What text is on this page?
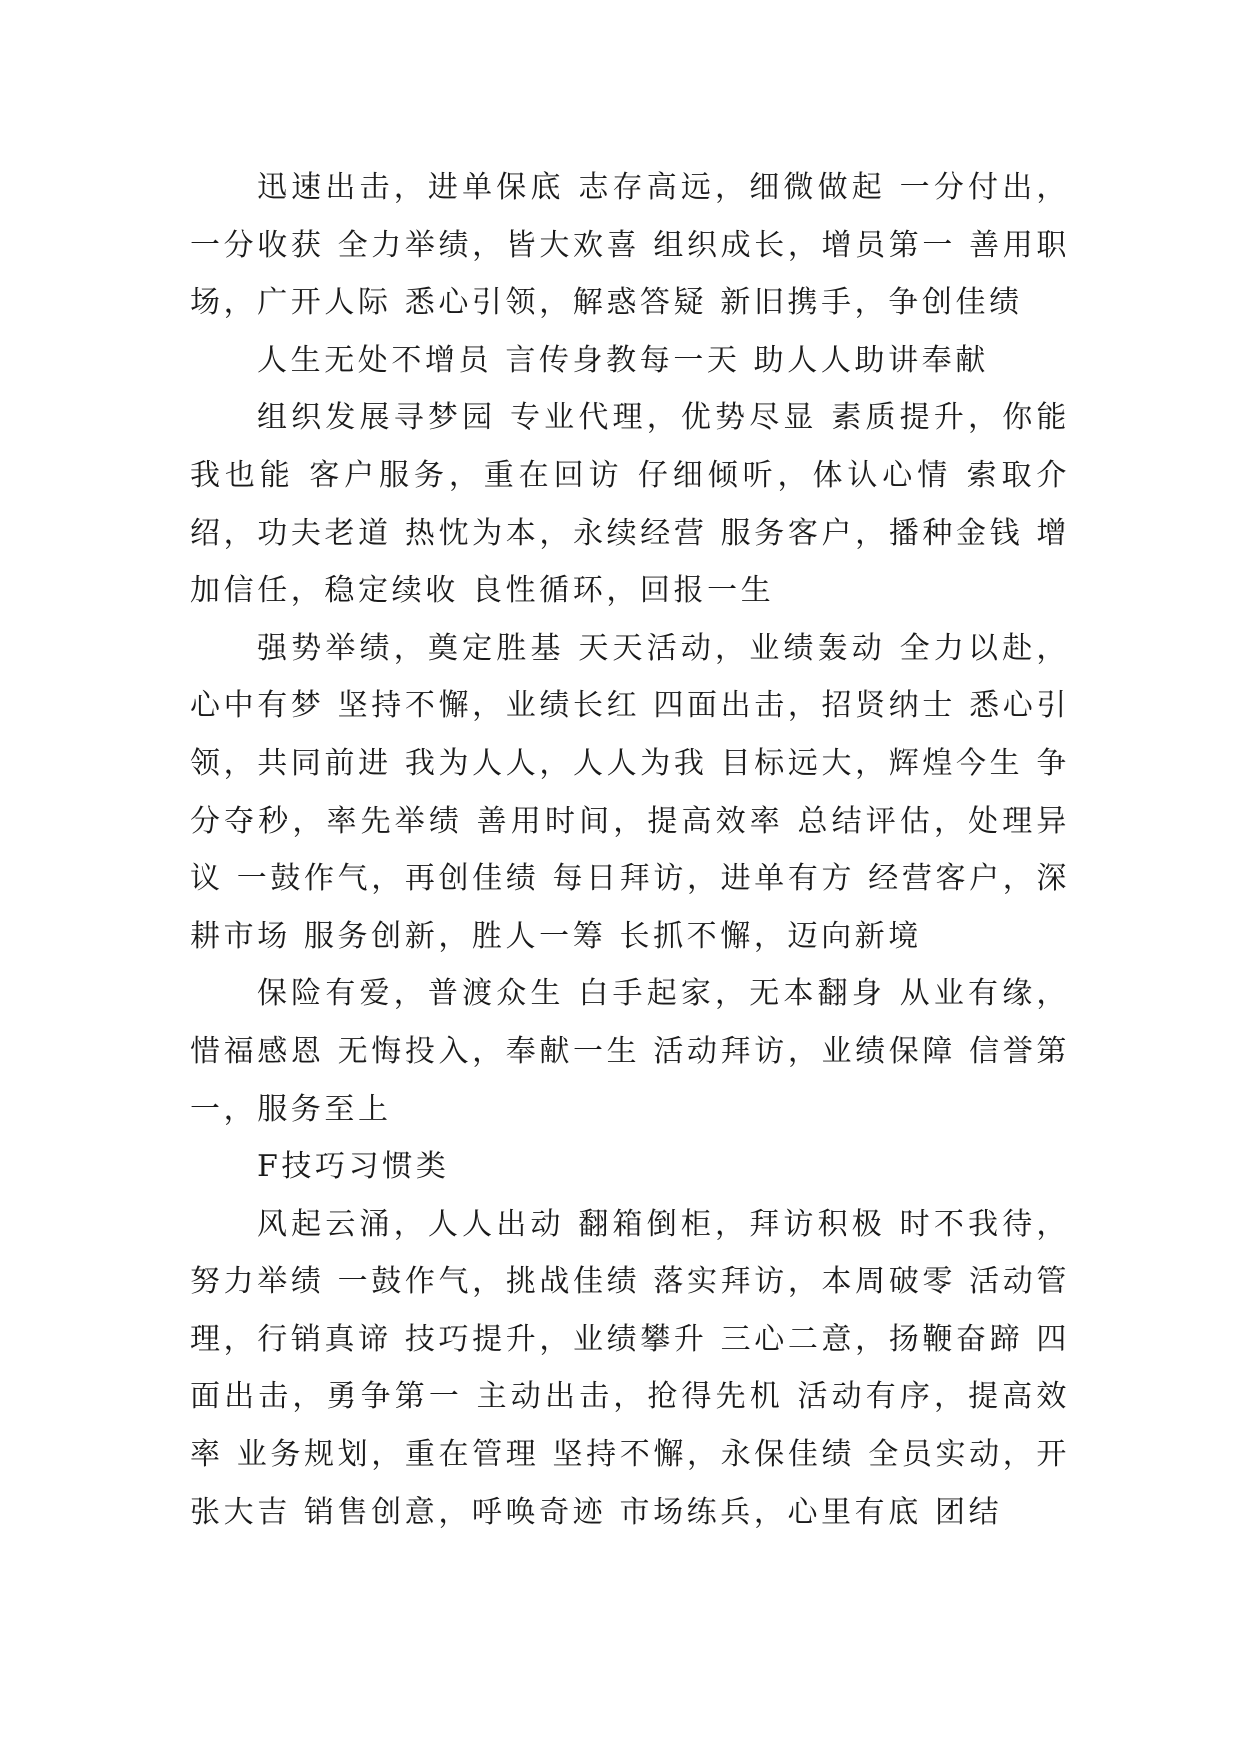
迅速出击，进单保底 志存高远，细微做起 一分付出，一分收获 全力举绩，皆大欢喜 组织成长，增员第一 善用职场，广开人际 悉心引领，解惑答疑 新旧携手，争创佳绩

人生无处不增员 言传身教每一天 助人人助讲奉献

组织发展寻梦园 专业代理，优势尽显 素质提升，你能我也能 客户服务，重在回访 仔细倾听，体认心情 索取介绍，功夫老道 热忱为本，永续经营 服务客户，播种金钱 增加信任，稳定续收 良性循环，回报一生

强势举绩，奠定胜基 天天活动，业绩轰动 全力以赴，心中有梦 坚持不懈，业绩长红 四面出击，招贤纳士 悉心引领，共同前进 我为人人，人人为我 目标远大，辉煌今生 争分夺秒，率先举绩 善用时间，提高效率 总结评估，处理异议 一鼓作气，再创佳绩 每日拜访，进单有方 经营客户，深耕市场 服务创新，胜人一筹 长抓不懈，迈向新境

保险有爱，普渡众生 白手起家，无本翻身 从业有缘，惜福感恩 无悔投入，奉献一生 活动拜访，业绩保障 信誉第一，服务至上

F技巧习惯类

风起云涌，人人出动 翻箱倒柜，拜访积极 时不我待，努力举绩 一鼓作气，挑战佳绩 落实拜访，本周破零 活动管理，行销真谛 技巧提升，业绩攀升 三心二意，扬鞭奋蹄 四面出击，勇争第一 主动出击，抢得先机 活动有序，提高效率 业务规划，重在管理 坚持不懈，永保佳绩 全员实动，开张大吉 销售创意，呼唤奇迹 市场练兵，心里有底 团结
